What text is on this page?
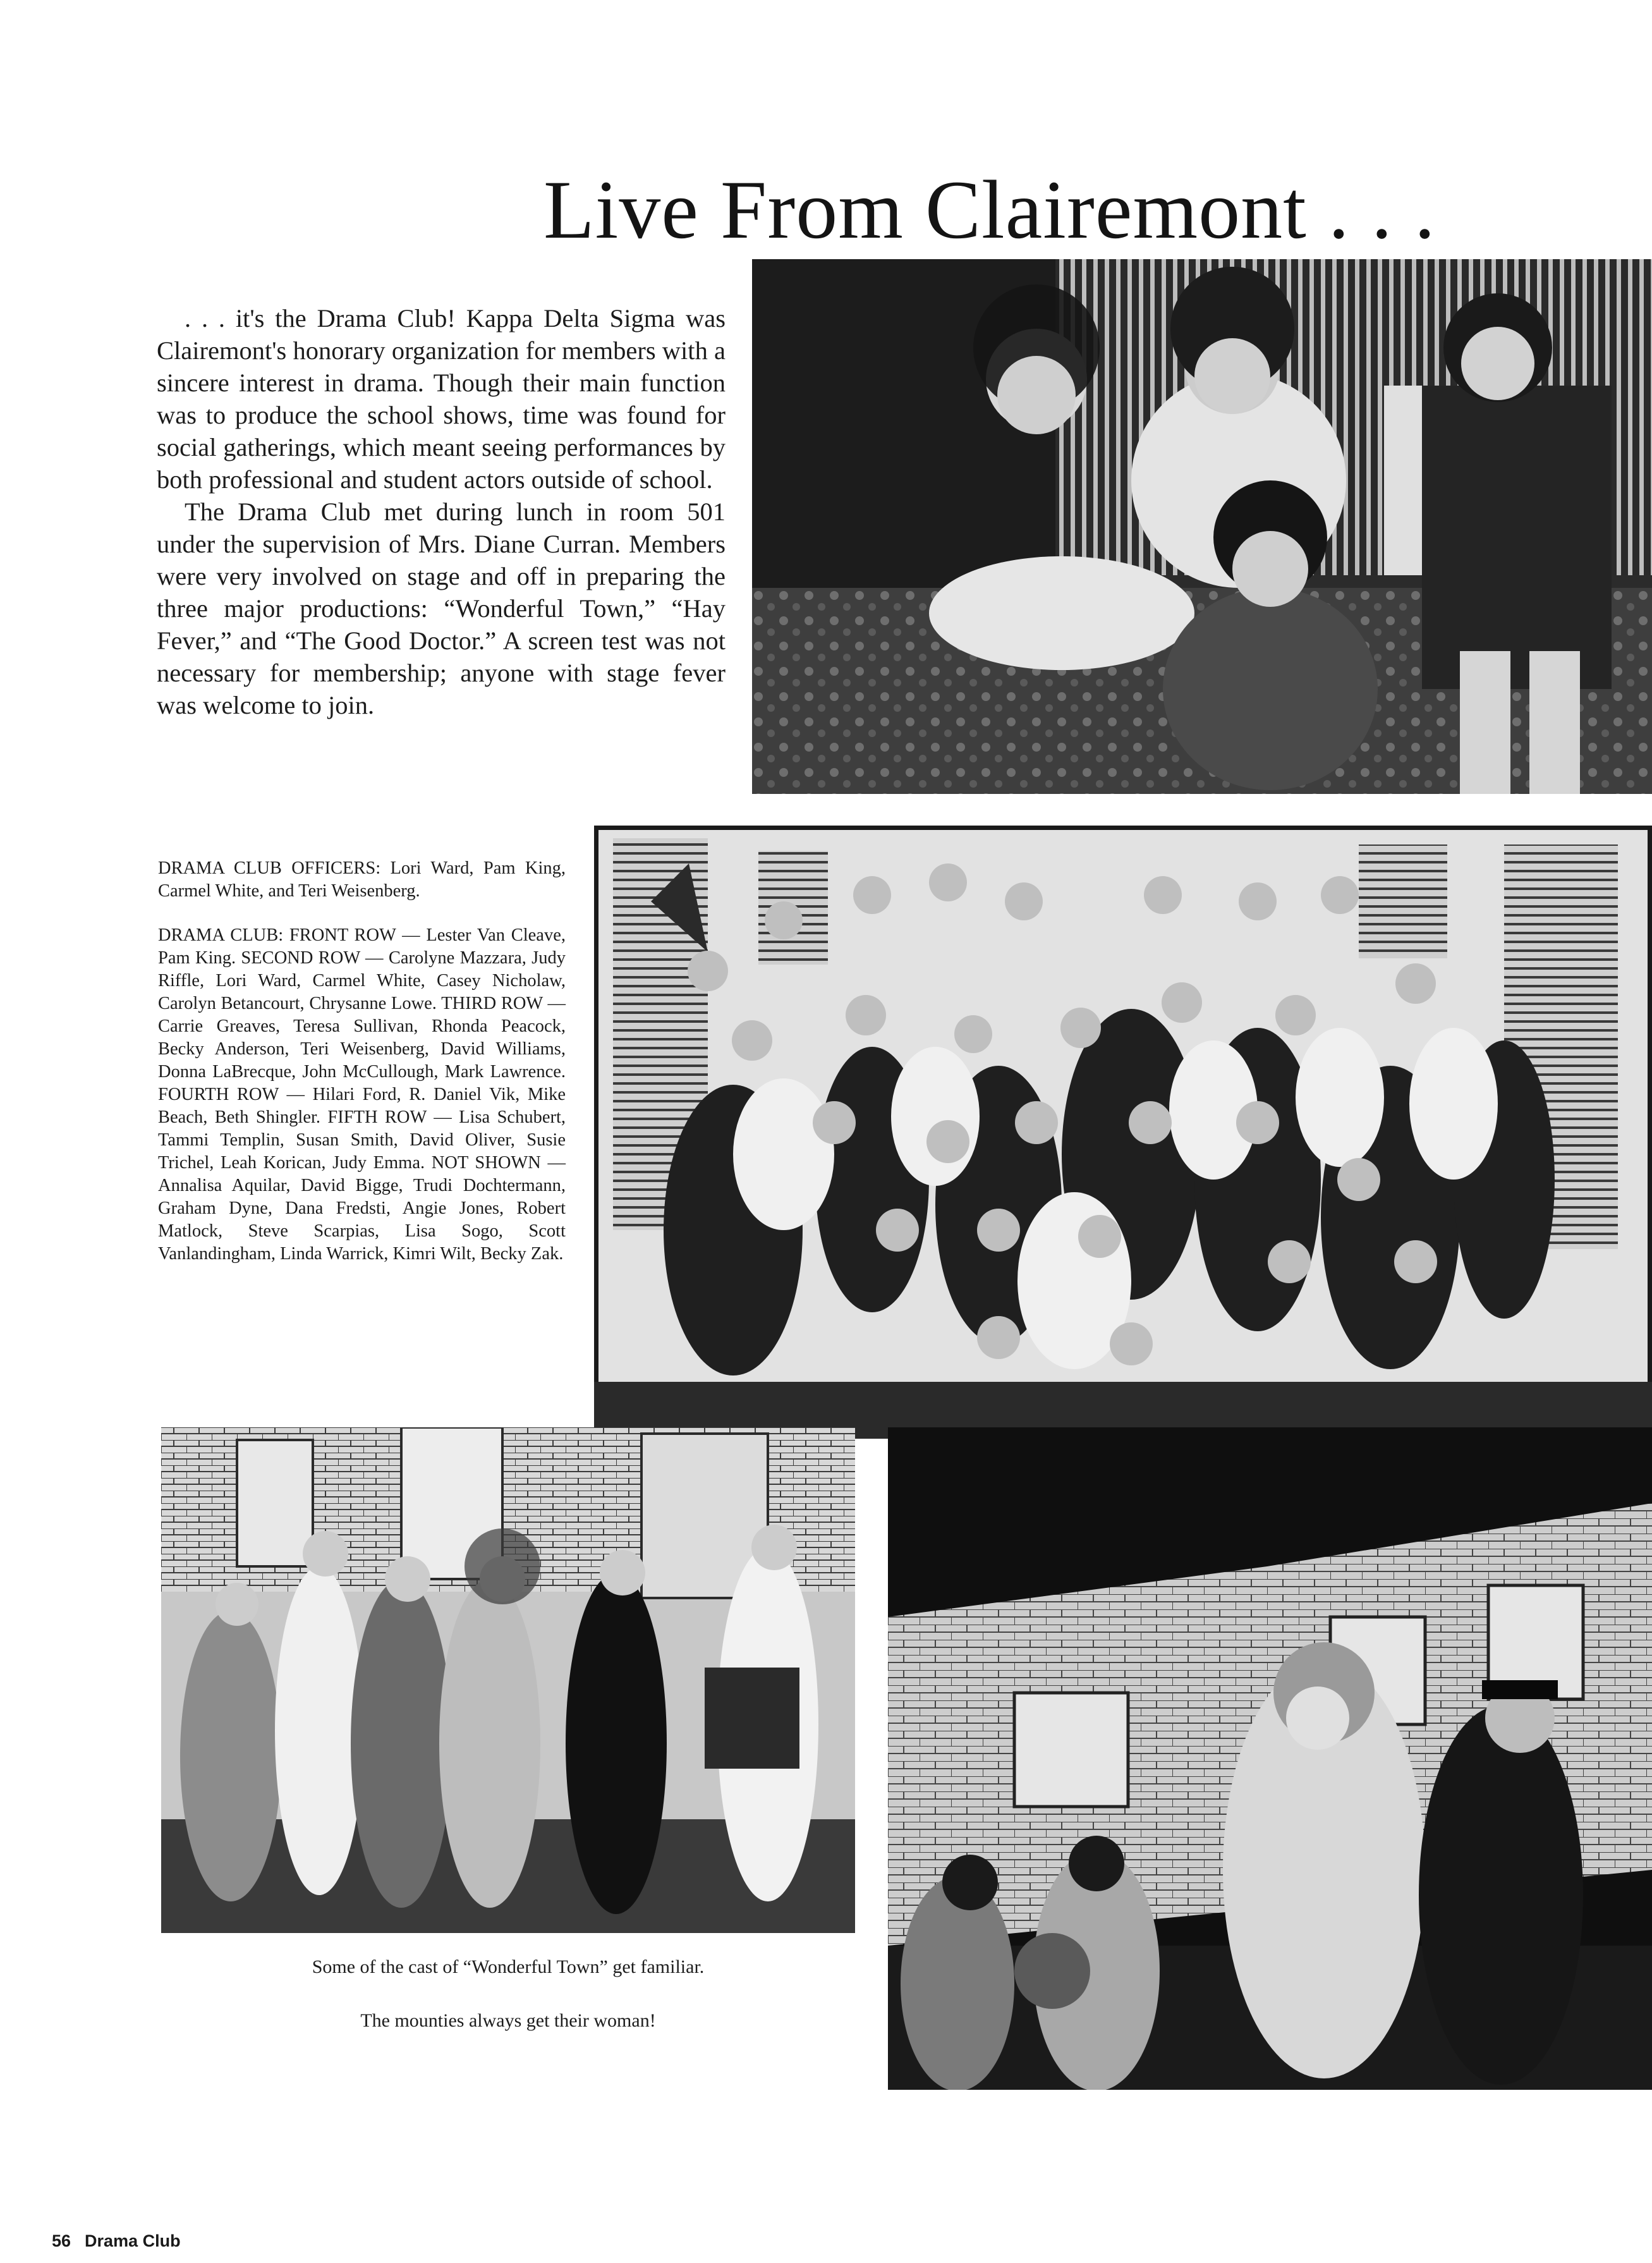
Live From Clairemont . . .

. . . it's the Drama Club! Kappa Delta Sigma was Clairemont's honorary organization for members with a sincere interest in drama. Though their main function was to produce the school shows, time was found for social gatherings, which meant seeing performances by both professional and student actors outside of school.

The Drama Club met during lunch in room 501 under the supervision of Mrs. Diane Curran. Members were very involved on stage and off in preparing the three major productions: “Wonderful Town,” “Hay Fever,” and “The Good Doctor.” A screen test was not necessary for membership; anyone with stage fever was welcome to join.

DRAMA CLUB OFFICERS: Lori Ward, Pam King, Carmel White, and Teri Weisenberg.

DRAMA CLUB: FRONT ROW — Lester Van Cleave, Pam King. SECOND ROW — Carolyne Mazzara, Judy Riffle, Lori Ward, Carmel White, Casey Nicholaw, Carolyn Betancourt, Chrysanne Lowe. THIRD ROW — Carrie Greaves, Teresa Sullivan, Rhonda Peacock, Becky Anderson, Teri Weisenberg, David Williams, Donna LaBrecque, John McCullough, Mark Lawrence. FOURTH ROW — Hilari Ford, R. Daniel Vik, Mike Beach, Beth Shingler. FIFTH ROW — Lisa Schubert, Tammi Templin, Susan Smith, David Oliver, Susie Trichel, Leah Korican, Judy Emma. NOT SHOWN — Annalisa Aquilar, David Bigge, Trudi Dochtermann, Graham Dyne, Dana Fredsti, Angie Jones, Robert Matlock, Steve Scarpias, Lisa Sogo, Scott Vanlandingham, Linda Warrick, Kimri Wilt, Becky Zak.

Some of the cast of “Wonderful Town” get familiar.
The mounties always get their woman!
56 Drama Club
